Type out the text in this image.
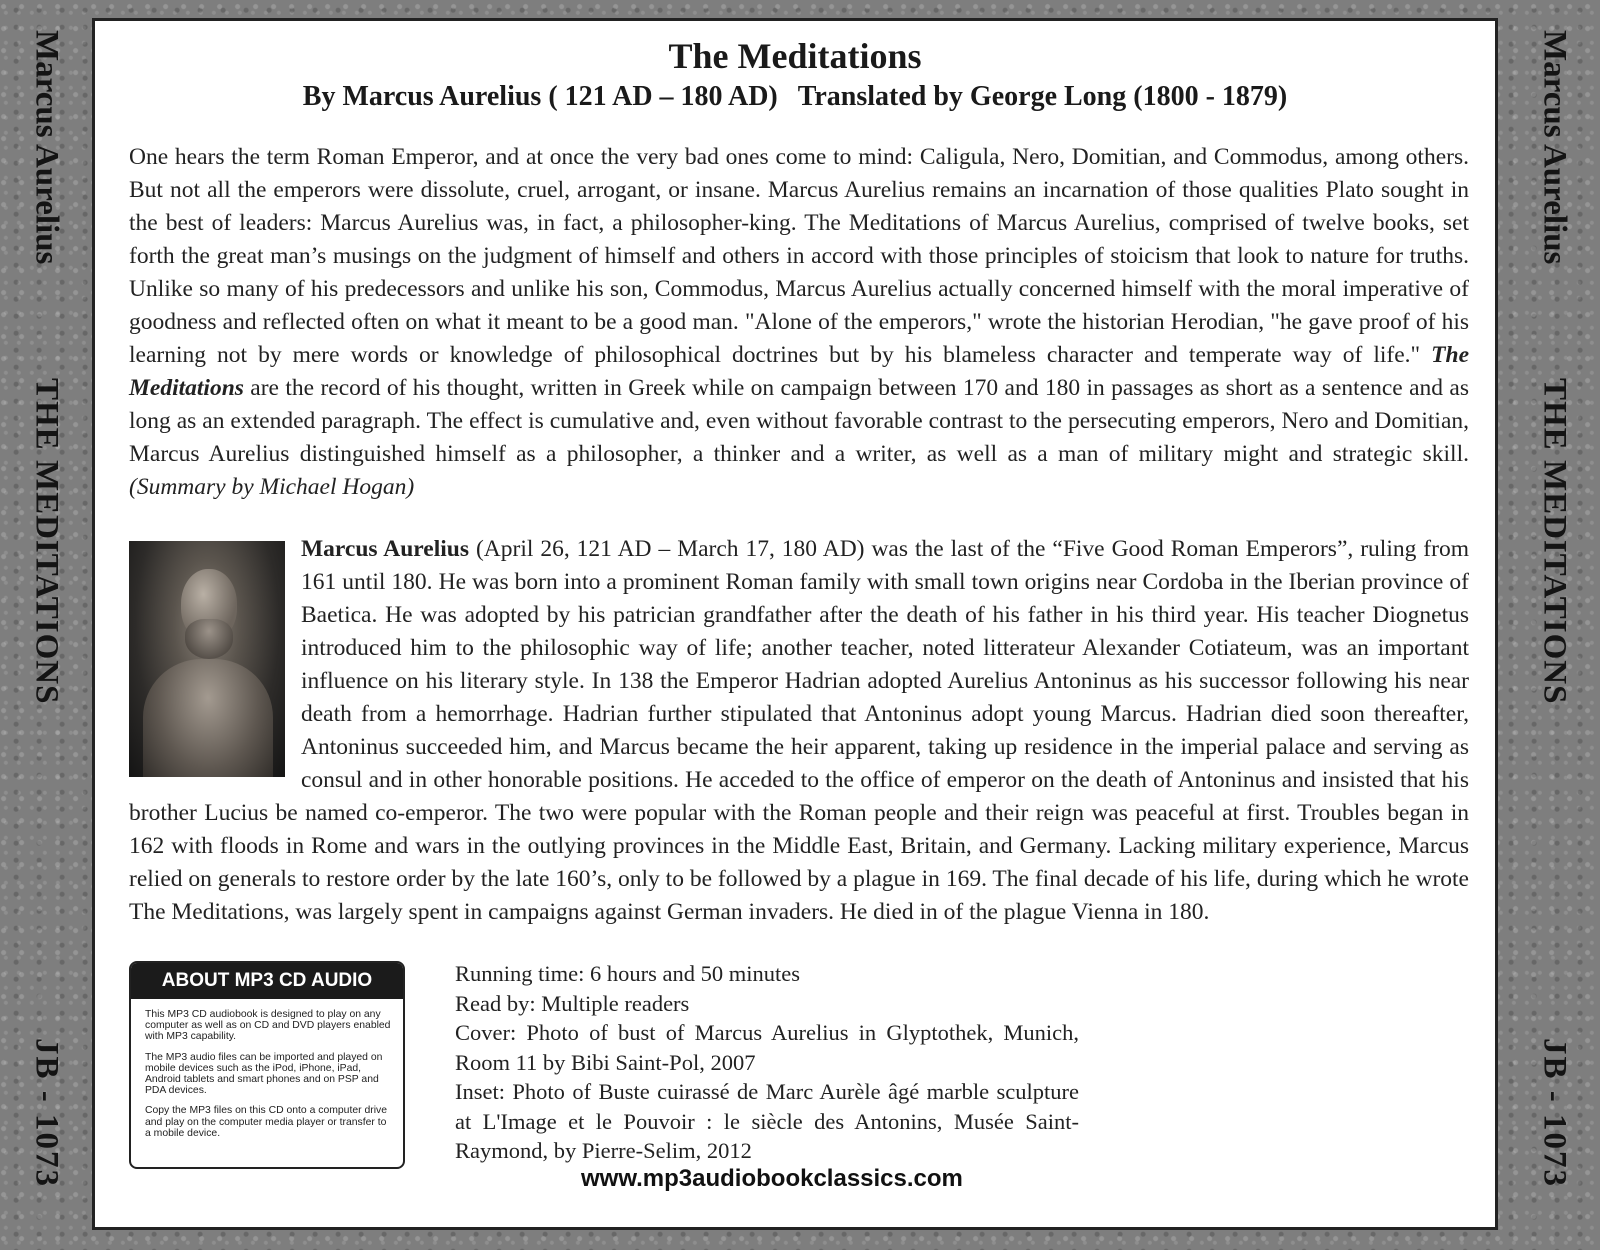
Marcus Aurelius
THE MEDITATIONS
JB - 1073
Marcus Aurelius
THE MEDITATIONS
JB - 1073
The Meditations
By Marcus Aurelius ( 121 AD – 180 AD) Translated by George Long (1800 - 1879)
One hears the term Roman Emperor, and at once the very bad ones come to mind: Caligula, Nero, Domitian, and Commodus, among others. But not all the emperors were dissolute, cruel, arrogant, or insane. Marcus Aurelius remains an incarnation of those qualities Plato sought in the best of leaders: Marcus Aurelius was, in fact, a philosopher-king. The Meditations of Marcus Aurelius, comprised of twelve books, set forth the great man’s musings on the judgment of himself and others in accord with those principles of stoicism that look to nature for truths. Unlike so many of his predecessors and unlike his son, Commodus, Marcus Aurelius actually concerned himself with the moral imperative of goodness and reflected often on what it meant to be a good man. "Alone of the emperors," wrote the historian Herodian, "he gave proof of his learning not by mere words or knowledge of philosophical doctrines but by his blameless character and temperate way of life." The Meditations are the record of his thought, written in Greek while on campaign between 170 and 180 in passages as short as a sentence and as long as an extended paragraph. The effect is cumulative and, even without favorable contrast to the persecuting emperors, Nero and Domitian, Marcus Aurelius distinguished himself as a philosopher, a thinker and a writer, as well as a man of military might and strategic skill. (Summary by Michael Hogan)
Marcus Aurelius (April 26, 121 AD – March 17, 180 AD) was the last of the “Five Good Roman Emperors”, ruling from 161 until 180. He was born into a prominent Roman family with small town origins near Cordoba in the Iberian province of Baetica. He was adopted by his patrician grandfather after the death of his father in his third year. His teacher Diognetus introduced him to the philosophic way of life; another teacher, noted litterateur Alexander Cotiateum, was an important influence on his literary style. In 138 the Emperor Hadrian adopted Aurelius Antoninus as his successor following his near death from a hemorrhage. Hadrian further stipulated that Antoninus adopt young Marcus. Hadrian died soon thereafter, Antoninus succeeded him, and Marcus became the heir apparent, taking up residence in the imperial palace and serving as consul and in other honorable positions. He acceded to the office of emperor on the death of Antoninus and insisted that his brother Lucius be named co-emperor. The two were popular with the Roman people and their reign was peaceful at first. Troubles began in 162 with floods in Rome and wars in the outlying provinces in the Middle East, Britain, and Germany. Lacking military experience, Marcus relied on generals to restore order by the late 160’s, only to be followed by a plague in 169. The final decade of his life, during which he wrote The Meditations, was largely spent in campaigns against German invaders. He died in of the plague Vienna in 180.
ABOUT MP3 CD AUDIO

This MP3 CD audiobook is designed to play on any computer as well as on CD and DVD players enabled with MP3 capability.

The MP3 audio files can be imported and played on mobile devices such as the iPod, iPhone, iPad, Android tablets and smart phones and on PSP and PDA devices.

Copy the MP3 files on this CD onto a computer drive and play on the computer media player or transfer to a mobile device.

Running time: 6 hours and 50 minutes
Read by: Multiple readers
Cover: Photo of bust of Marcus Aurelius in Glyptothek, Munich, Room 11 by Bibi Saint-Pol, 2007
Inset: Photo of Buste cuirassé de Marc Aurèle âgé marble sculpture at L'Image et le Pouvoir : le siècle des Antonins, Musée Saint-Raymond, by Pierre-Selim, 2012
www.mp3audiobookclassics.com
